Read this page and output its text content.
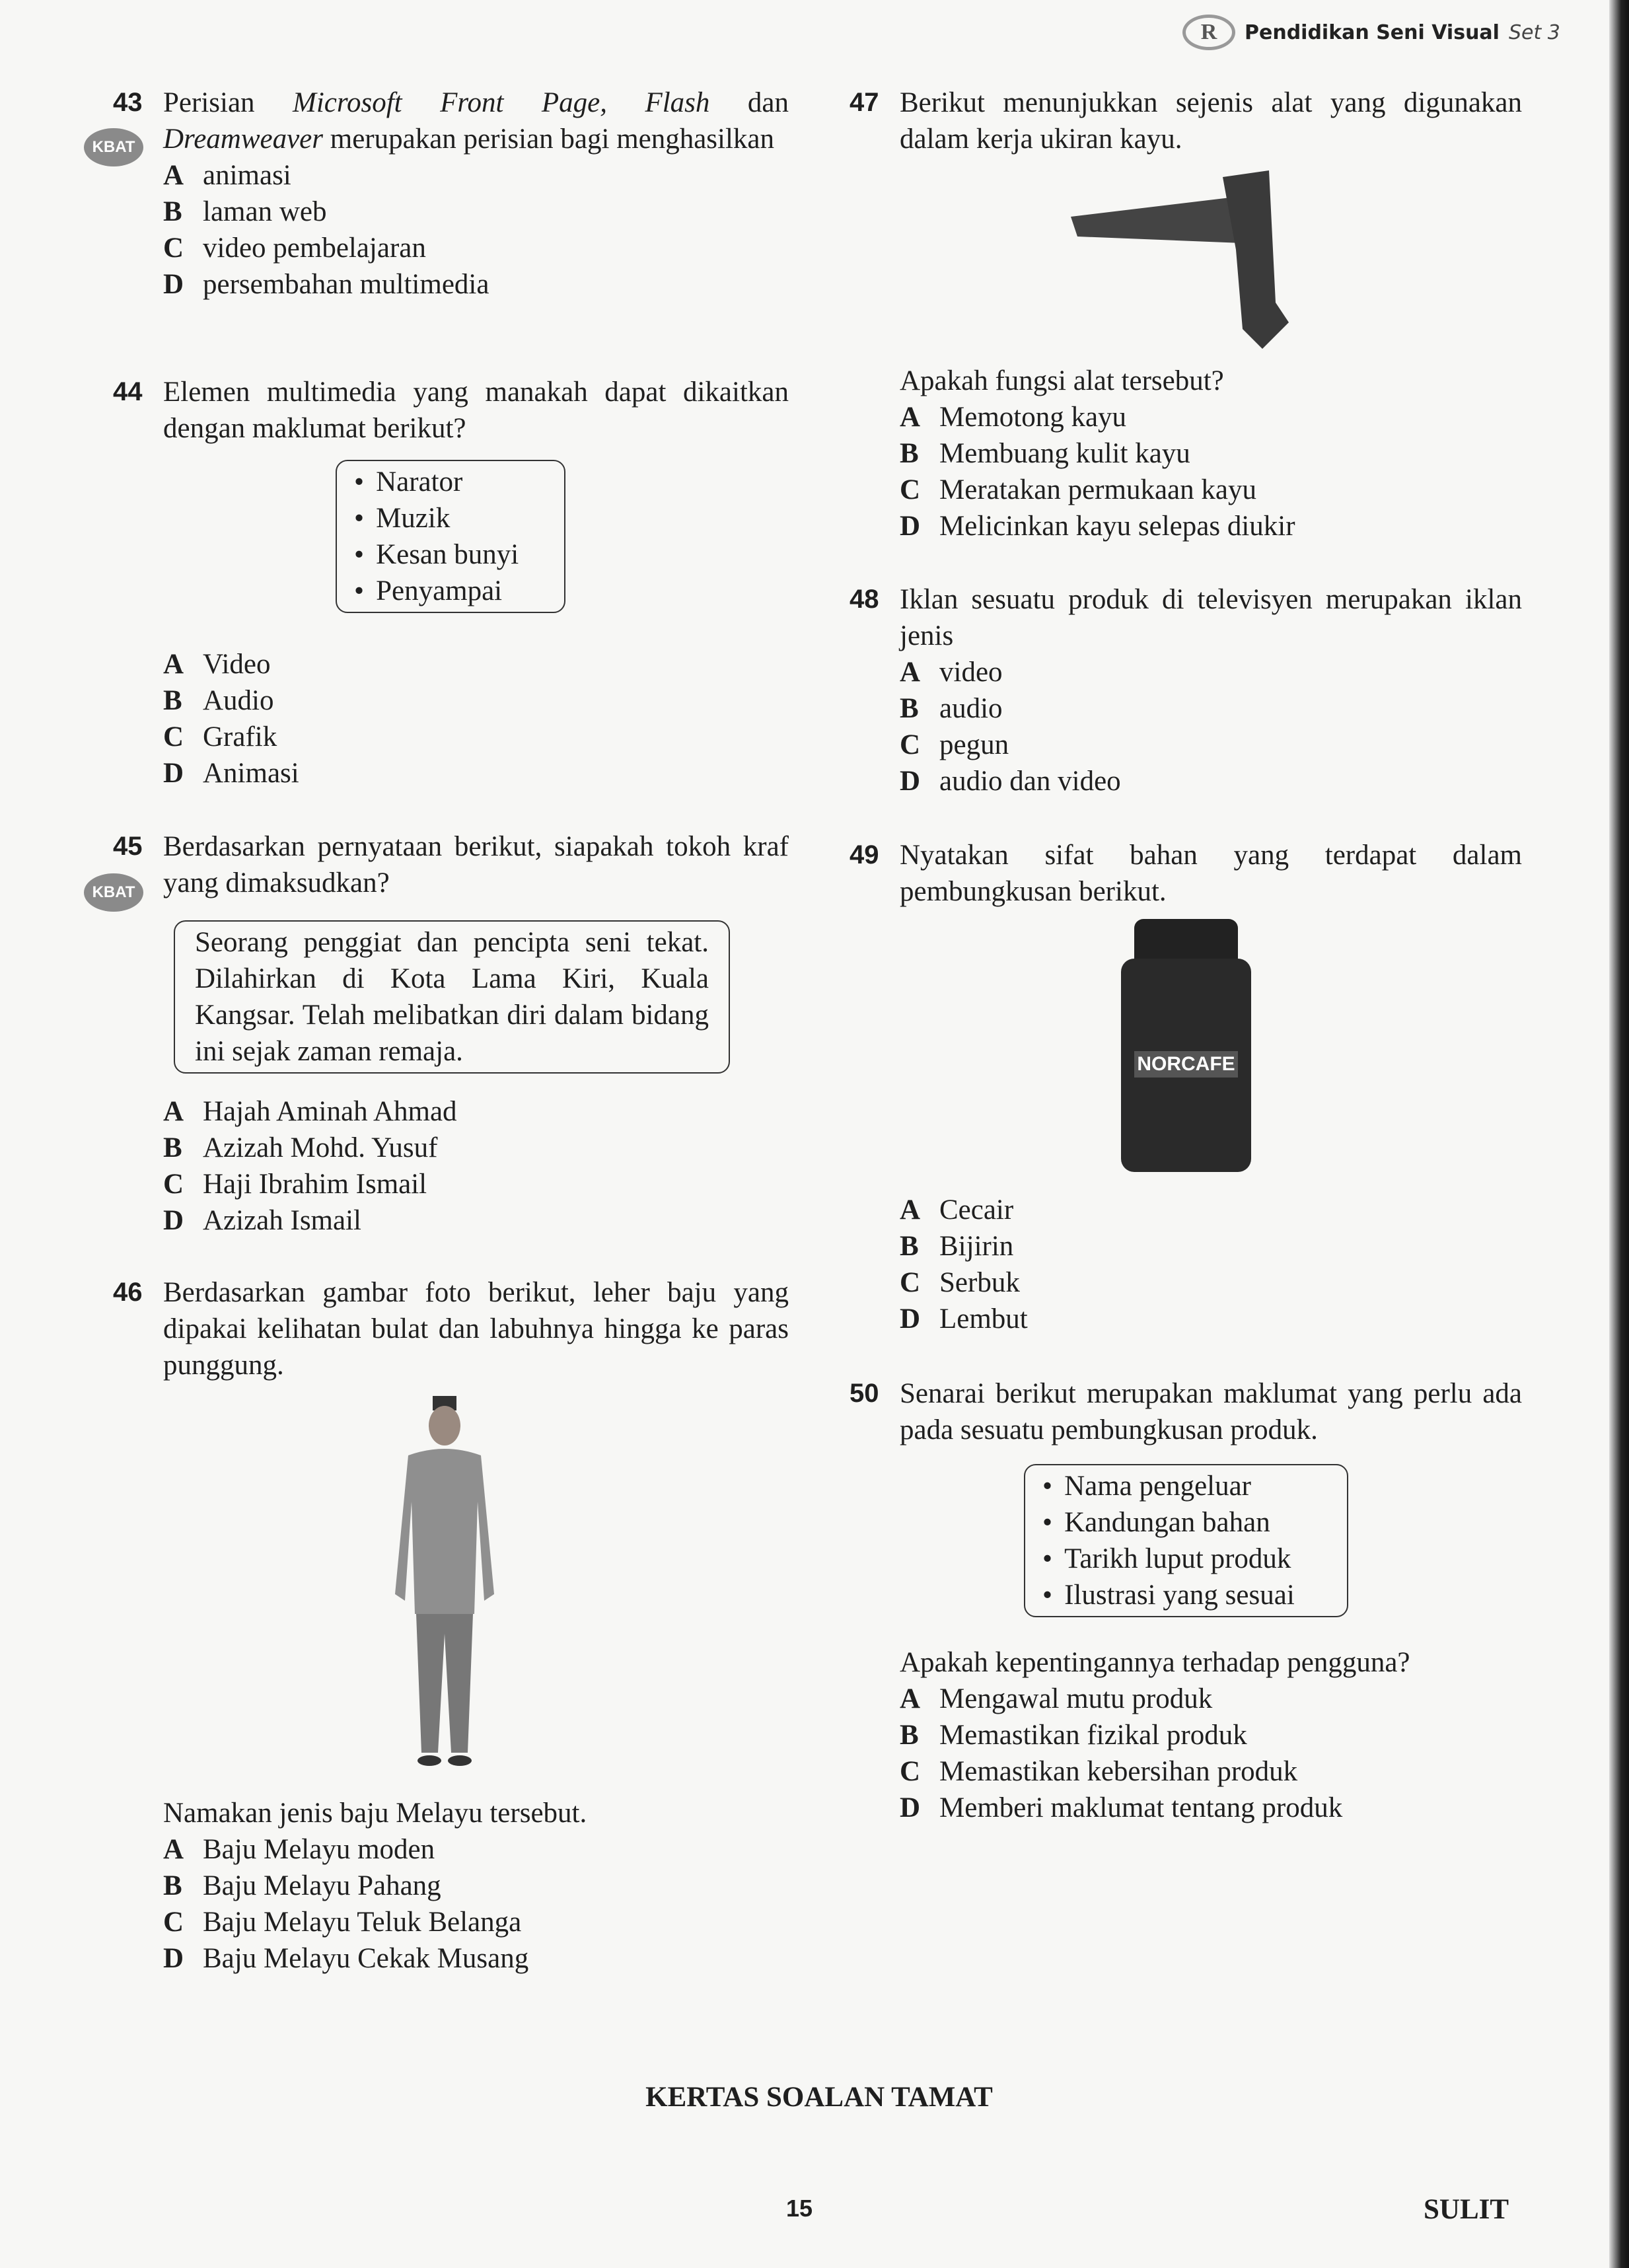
R	Pendidikan Seni Visual Set 3
KBAT
KBAT
43 Perisian Microsoft Front Page, Flash dan Dreamweaver merupakan perisian bagi menghasilkan
A animasi
B laman web
C video pembelajaran
D persembahan multimedia
44 Elemen multimedia yang manakah dapat dikaitkan dengan maklumat berikut?
• Narator
• Muzik
• Kesan bunyi
• Penyampai
A Video
B Audio
C Grafik
D Animasi
45 Berdasarkan pernyataan berikut, siapakah tokoh kraf yang dimaksudkan?
Seorang penggiat dan pencipta seni tekat. Dilahirkan di Kota Lama Kiri, Kuala Kangsar. Telah melibatkan diri dalam bidang ini sejak zaman remaja.
A Hajah Aminah Ahmad
B Azizah Mohd. Yusuf
C Haji Ibrahim Ismail
D Azizah Ismail
46 Berdasarkan gambar foto berikut, leher baju yang dipakai kelihatan bulat dan labuhnya hingga ke paras punggung.
Namakan jenis baju Melayu tersebut.
A Baju Melayu moden
B Baju Melayu Pahang
C Baju Melayu Teluk Belanga
D Baju Melayu Cekak Musang
47 Berikut menunjukkan sejenis alat yang digunakan dalam kerja ukiran kayu.
Apakah fungsi alat tersebut?
A Memotong kayu
B Membuang kulit kayu
C Meratakan permukaan kayu
D Melicinkan kayu selepas diukir
48 Iklan sesuatu produk di televisyen merupakan iklan jenis
A video
B audio
C pegun
D audio dan video
49 Nyatakan sifat bahan yang terdapat dalam pembungkusan berikut.
NORCAFE
A Cecair
B Bijirin
C Serbuk
D Lembut
50 Senarai berikut merupakan maklumat yang perlu ada pada sesuatu pembungkusan produk.
• Nama pengeluar
• Kandungan bahan
• Tarikh luput produk
• Ilustrasi yang sesuai
Apakah kepentingannya terhadap pengguna?
A Mengawal mutu produk
B Memastikan fizikal produk
C Memastikan kebersihan produk
D Memberi maklumat tentang produk
KERTAS SOALAN TAMAT
15	SULIT
